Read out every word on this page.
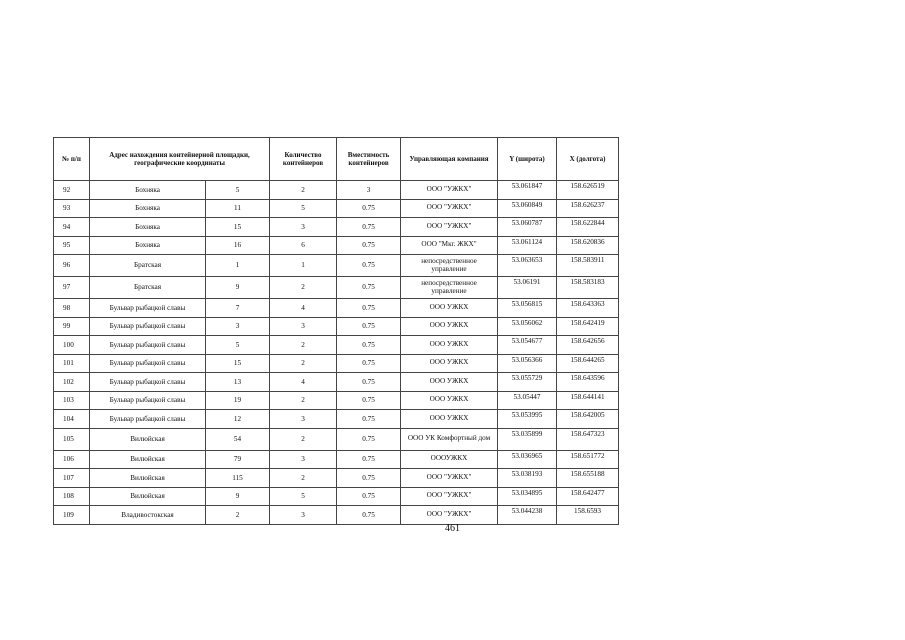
№ п/п	Адрес нахождения контейнерной площадки, географические координаты		Количество контейнеров	Вместимость контейнеров	Управляющая компания	Y (широта)	X (долгота)
92	Бохняка	5	2	3	ООО "УЖКХ"	53.061847	158.626519
93	Бохняка	11	5	0.75	ООО "УЖКХ"	53.060849	158.626237
94	Бохняка	15	3	0.75	ООО "УЖКХ"	53.060787	158.622844
95	Бохняка	16	6	0.75	ООО "Мкг. ЖКХ"	53.061124	158.620836
96	Братская	1	1	0.75	непосредственное управление	53.063653	158.583911
97	Братская	9	2	0.75	непосредственное управление	53.06191	158.583183
98	Бульвар рыбацкой славы	7	4	0.75	ООО УЖКХ	53.056815	158.643363
99	Бульвар рыбацкой славы	3	3	0.75	ООО УЖКХ	53.056062	158.642419
100	Бульвар рыбацкой славы	5	2	0.75	ООО УЖКХ	53.054677	158.642656
101	Бульвар рыбацкой славы	15	2	0.75	ООО УЖКХ	53.056366	158.644265
102	Бульвар рыбацкой славы	13	4	0.75	ООО УЖКХ	53.055729	158.643596
103	Бульвар рыбацкой славы	19	2	0.75	ООО УЖКХ	53.05447	158.644141
104	Бульвар рыбацкой славы	12	3	0.75	ООО УЖКХ	53.053995	158.642005
105	Вилюйская	54	2	0.75	ООО УК Комфортный дом	53.035899	158.647323
106	Вилюйская	79	3	0.75	ОООУЖКХ	53.036965	158.651772
107	Вилюйская	115	2	0.75	ООО "УЖКХ"	53.038193	158.655188
108	Вилюйская	9	5	0.75	ООО "УЖКХ"	53.034895	158.642477
109	Владивостокская	2	3	0.75	ООО "УЖКХ"	53.044238	158.6593
461
